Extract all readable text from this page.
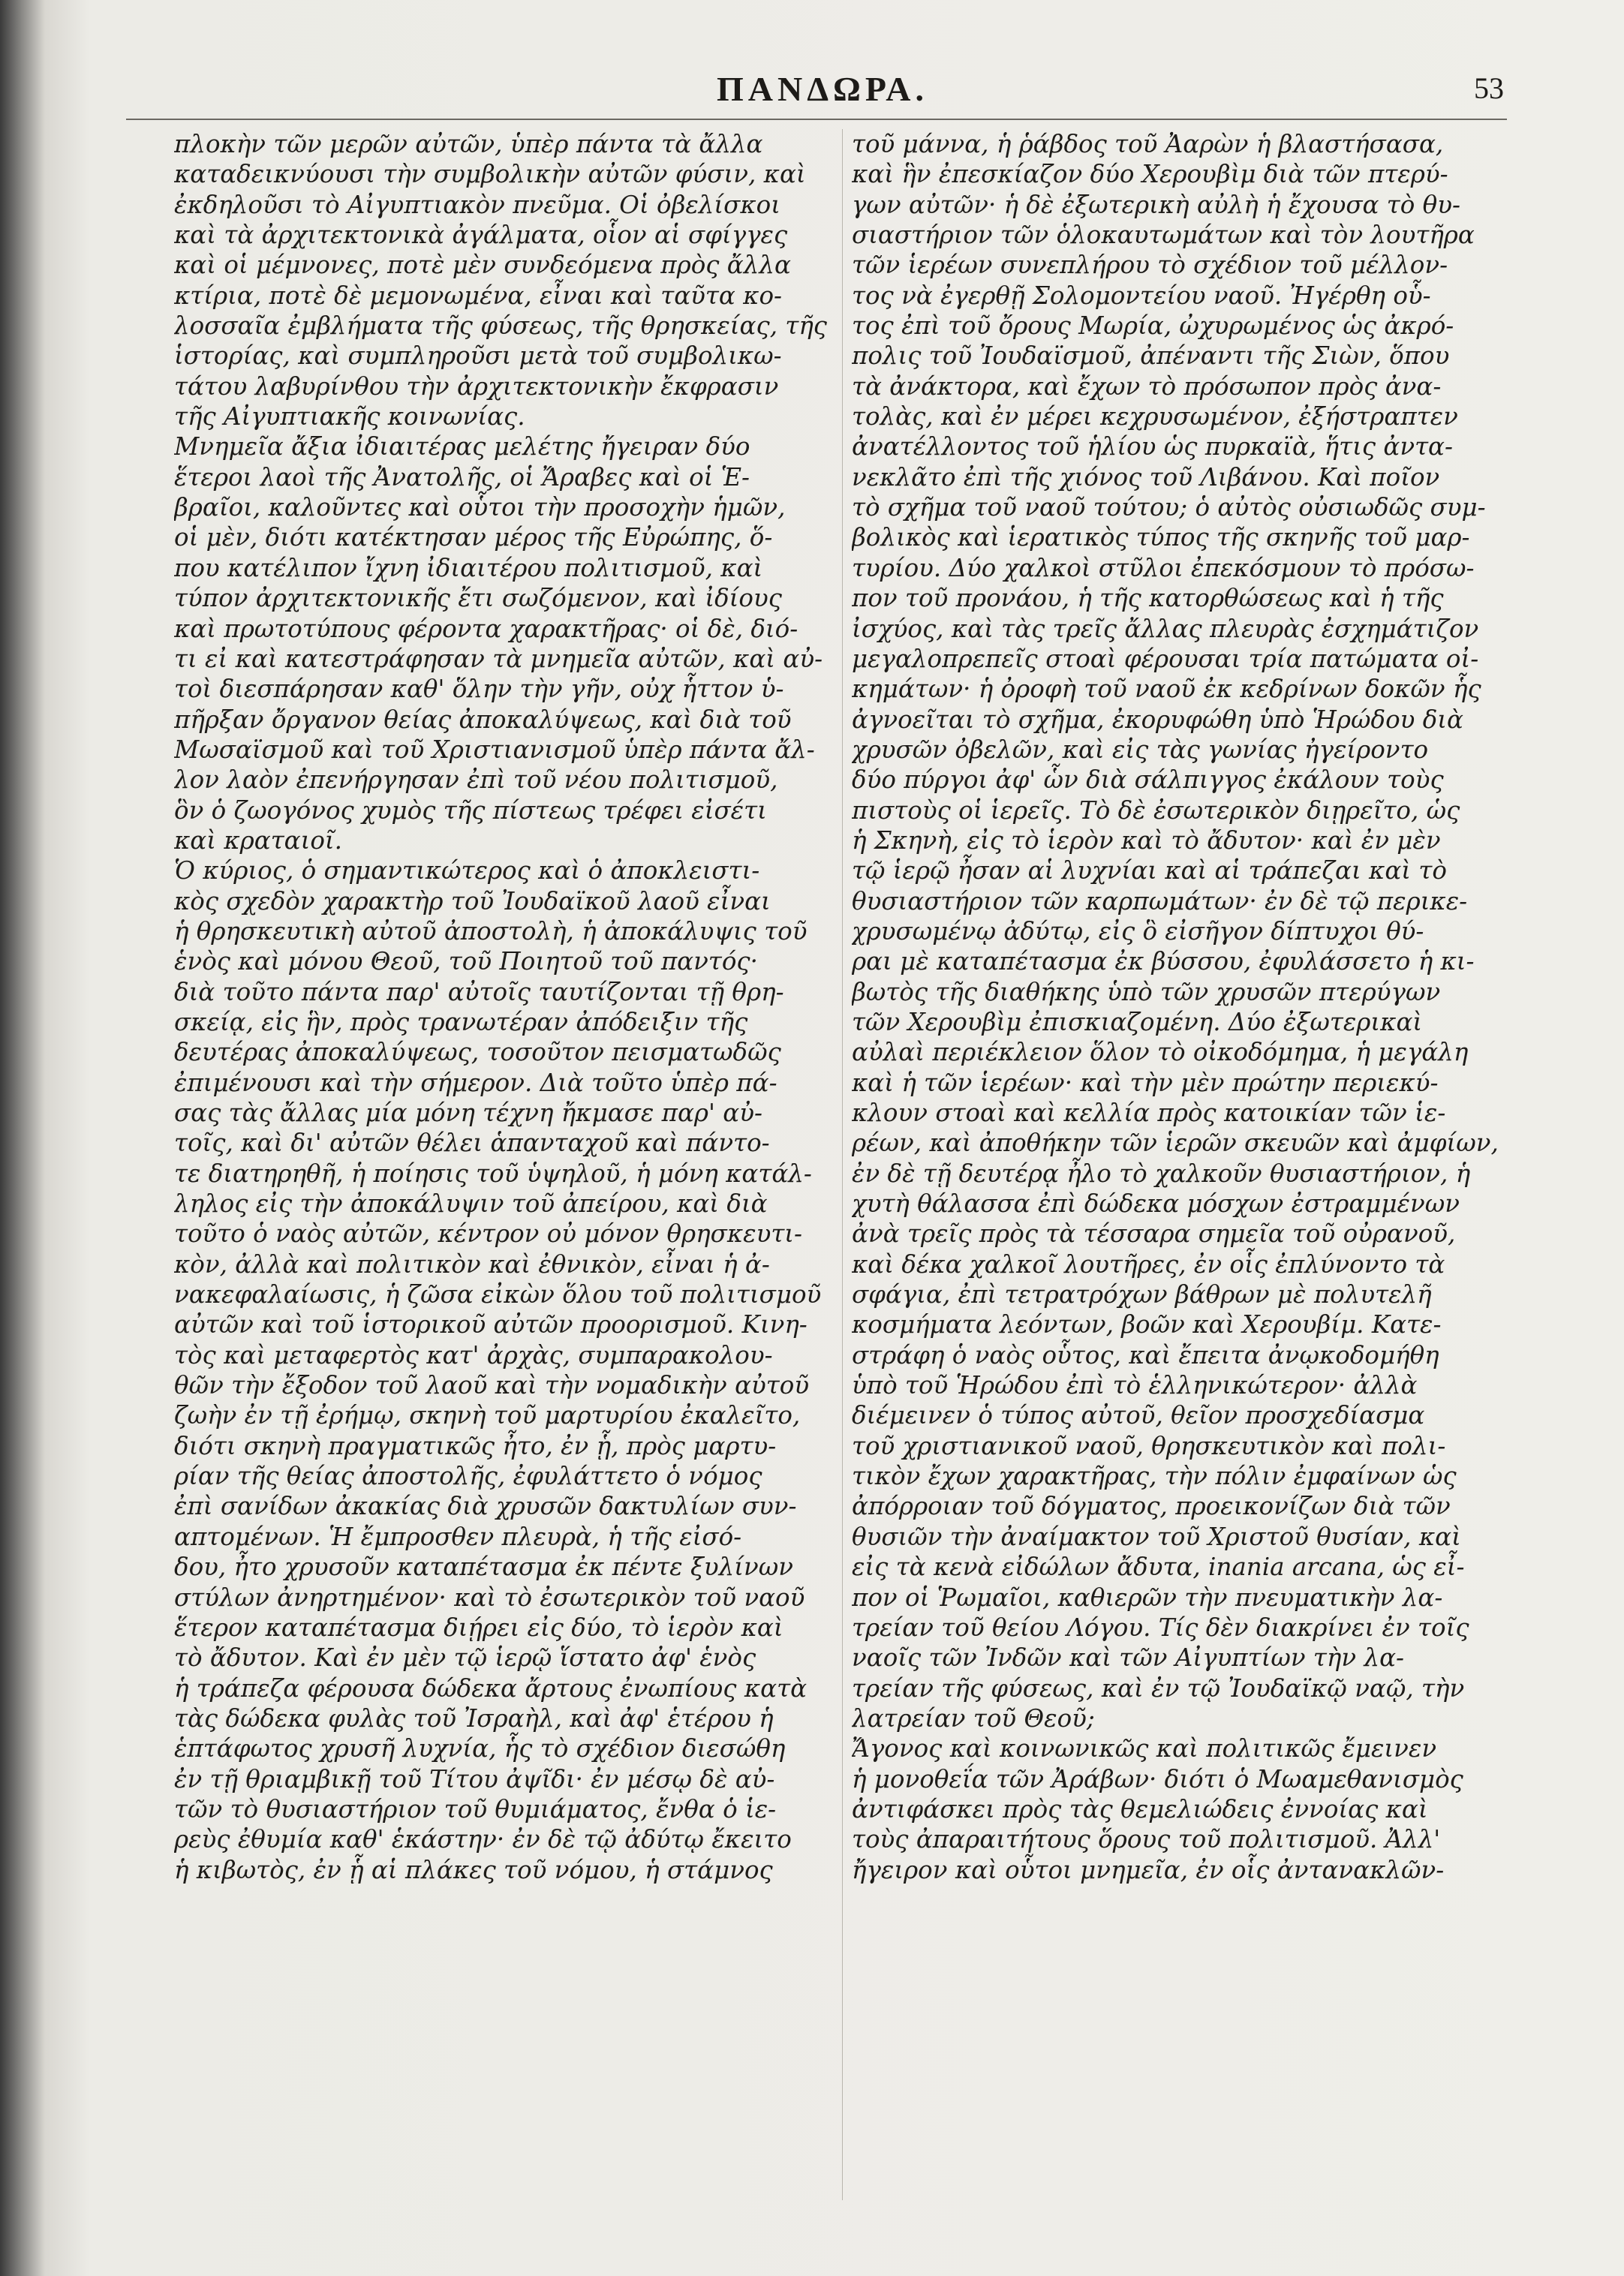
ΠΑΝΔΩΡΑ.	53
πλοκὴν τῶν μερῶν αὐτῶν, ὑπὲρ πάντα τὰ ἄλλα
καταδεικνύουσι τὴν συμβολικὴν αὐτῶν φύσιν, καὶ
ἐκδηλοῦσι τὸ Αἰγυπτιακὸν πνεῦμα. Οἱ ὀβελίσκοι
καὶ τὰ ἀρχιτεκτονικὰ ἀγάλματα, οἷον αἱ σφίγγες
καὶ οἱ μέμνονες, ποτὲ μὲν συνδεόμενα πρὸς ἄλλα
κτίρια, ποτὲ δὲ μεμονωμένα, εἶναι καὶ ταῦτα κο-
λοσσαῖα ἐμβλήματα τῆς φύσεως, τῆς θρησκείας, τῆς
ἱστορίας, καὶ συμπληροῦσι μετὰ τοῦ συμβολικω-
τάτου λαβυρίνθου τὴν ἀρχιτεκτονικὴν ἔκφρασιν
τῆς Αἰγυπτιακῆς κοινωνίας.
Μνημεῖα ἄξια ἰδιαιτέρας μελέτης ἤγειραν δύο
ἕτεροι λαοὶ τῆς Ἀνατολῆς, οἱ Ἄραβες καὶ οἱ Ἑ-
βραῖοι, καλοῦντες καὶ οὗτοι τὴν προσοχὴν ἡμῶν,
οἱ μὲν, διότι κατέκτησαν μέρος τῆς Εὐρώπης, ὅ-
που κατέλιπον ἴχνη ἰδιαιτέρου πολιτισμοῦ, καὶ
τύπον ἀρχιτεκτονικῆς ἔτι σωζόμενον, καὶ ἰδίους
καὶ πρωτοτύπους φέροντα χαρακτῆρας· οἱ δὲ, διό-
τι εἰ καὶ κατεστράφησαν τὰ μνημεῖα αὐτῶν, καὶ αὐ-
τοὶ διεσπάρησαν καθ' ὅλην τὴν γῆν, οὐχ ἧττον ὑ-
πῆρξαν ὄργανον θείας ἀποκαλύψεως, καὶ διὰ τοῦ
Μωσαϊσμοῦ καὶ τοῦ Χριστιανισμοῦ ὑπὲρ πάντα ἄλ-
λον λαὸν ἐπενήργησαν ἐπὶ τοῦ νέου πολιτισμοῦ,
ὃν ὁ ζωογόνος χυμὸς τῆς πίστεως τρέφει εἰσέτι
καὶ κραταιοῖ.
Ὁ κύριος, ὁ σημαντικώτερος καὶ ὁ ἀποκλειστι-
κὸς σχεδὸν χαρακτὴρ τοῦ Ἰουδαϊκοῦ λαοῦ εἶναι
ἡ θρησκευτικὴ αὐτοῦ ἀποστολὴ, ἡ ἀποκάλυψις τοῦ
ἑνὸς καὶ μόνου Θεοῦ, τοῦ Ποιητοῦ τοῦ παντός·
διὰ τοῦτο πάντα παρ' αὐτοῖς ταυτίζονται τῇ θρη-
σκείᾳ, εἰς ἣν, πρὸς τρανωτέραν ἀπόδειξιν τῆς
δευτέρας ἀποκαλύψεως, τοσοῦτον πεισματωδῶς
ἐπιμένουσι καὶ τὴν σήμερον. Διὰ τοῦτο ὑπὲρ πά-
σας τὰς ἄλλας μία μόνη τέχνη ἤκμασε παρ' αὐ-
τοῖς, καὶ δι' αὐτῶν θέλει ἁπανταχοῦ καὶ πάντο-
τε διατηρηθῆ, ἡ ποίησις τοῦ ὑψηλοῦ, ἡ μόνη κατάλ-
ληλος εἰς τὴν ἀποκάλυψιν τοῦ ἀπείρου, καὶ διὰ
τοῦτο ὁ ναὸς αὐτῶν, κέντρον οὐ μόνον θρησκευτι-
κὸν, ἀλλὰ καὶ πολιτικὸν καὶ ἐθνικὸν, εἶναι ἡ ἀ-
νακεφαλαίωσις, ἡ ζῶσα εἰκὼν ὅλου τοῦ πολιτισμοῦ
αὐτῶν καὶ τοῦ ἱστορικοῦ αὐτῶν προορισμοῦ. Κινη-
τὸς καὶ μεταφερτὸς κατ' ἀρχὰς, συμπαρακολου-
θῶν τὴν ἔξοδον τοῦ λαοῦ καὶ τὴν νομαδικὴν αὐτοῦ
ζωὴν ἐν τῇ ἐρήμῳ, σκηνὴ τοῦ μαρτυρίου ἐκαλεῖτο,
διότι σκηνὴ πραγματικῶς ἦτο, ἐν ᾗ, πρὸς μαρτυ-
ρίαν τῆς θείας ἀποστολῆς, ἐφυλάττετο ὁ νόμος
ἐπὶ σανίδων ἀκακίας διὰ χρυσῶν δακτυλίων συν-
απτομένων. Ἡ ἔμπροσθεν πλευρὰ, ἡ τῆς εἰσό-
δου, ἦτο χρυσοῦν καταπέτασμα ἐκ πέντε ξυλίνων
στύλων ἀνηρτημένον· καὶ τὸ ἐσωτερικὸν τοῦ ναοῦ
ἕτερον καταπέτασμα διῄρει εἰς δύο, τὸ ἱερὸν καὶ
τὸ ἄδυτον. Καὶ ἐν μὲν τῷ ἱερῷ ἵστατο ἀφ' ἑνὸς
ἡ τράπεζα φέρουσα δώδεκα ἄρτους ἐνωπίους κατὰ
τὰς δώδεκα φυλὰς τοῦ Ἰσραὴλ, καὶ ἀφ' ἑτέρου ἡ
ἑπτάφωτος χρυσῆ λυχνία, ἧς τὸ σχέδιον διεσώθη
ἐν τῇ θριαμβικῇ τοῦ Τίτου ἀψῖδι· ἐν μέσῳ δὲ αὐ-
τῶν τὸ θυσιαστήριον τοῦ θυμιάματος, ἔνθα ὁ ἱε-
ρεὺς ἐθυμία καθ' ἑκάστην· ἐν δὲ τῷ ἀδύτῳ ἔκειτο
ἡ κιβωτὸς, ἐν ᾗ αἱ πλάκες τοῦ νόμου, ἡ στάμνος
τοῦ μάννα, ἡ ῥάβδος τοῦ Ἀαρὼν ἡ βλαστήσασα,
καὶ ἣν ἐπεσκίαζον δύο Χερουβὶμ διὰ τῶν πτερύ-
γων αὐτῶν· ἡ δὲ ἐξωτερικὴ αὐλὴ ἡ ἔχουσα τὸ θυ-
σιαστήριον τῶν ὁλοκαυτωμάτων καὶ τὸν λουτῆρα
τῶν ἱερέων συνεπλήρου τὸ σχέδιον τοῦ μέλλον-
τος νὰ ἐγερθῇ Σολομοντείου ναοῦ. Ἠγέρθη οὗ-
τος ἐπὶ τοῦ ὄρους Μωρία, ὠχυρωμένος ὡς ἀκρό-
πολις τοῦ Ἰουδαϊσμοῦ, ἀπέναντι τῆς Σιὼν, ὅπου
τὰ ἀνάκτορα, καὶ ἔχων τὸ πρόσωπον πρὸς ἀνα-
τολὰς, καὶ ἐν μέρει κεχρυσωμένον, ἐξήστραπτεν
ἀνατέλλοντος τοῦ ἡλίου ὡς πυρκαϊὰ, ἥτις ἀντα-
νεκλᾶτο ἐπὶ τῆς χιόνος τοῦ Λιβάνου. Καὶ ποῖον
τὸ σχῆμα τοῦ ναοῦ τούτου; ὁ αὐτὸς οὐσιωδῶς συμ-
βολικὸς καὶ ἱερατικὸς τύπος τῆς σκηνῆς τοῦ μαρ-
τυρίου. Δύο χαλκοὶ στῦλοι ἐπεκόσμουν τὸ πρόσω-
πον τοῦ προνάου, ἡ τῆς κατορθώσεως καὶ ἡ τῆς
ἰσχύος, καὶ τὰς τρεῖς ἄλλας πλευρὰς ἐσχημάτιζον
μεγαλοπρεπεῖς στοαὶ φέρουσαι τρία πατώματα οἰ-
κημάτων· ἡ ὀροφὴ τοῦ ναοῦ ἐκ κεδρίνων δοκῶν ἧς
ἀγνοεῖται τὸ σχῆμα, ἐκορυφώθη ὑπὸ Ἡρώδου διὰ
χρυσῶν ὀβελῶν, καὶ εἰς τὰς γωνίας ἠγείροντο
δύο πύργοι ἀφ' ὧν διὰ σάλπιγγος ἐκάλουν τοὺς
πιστοὺς οἱ ἱερεῖς. Τὸ δὲ ἐσωτερικὸν διῃρεῖτο, ὡς
ἡ Σκηνὴ, εἰς τὸ ἱερὸν καὶ τὸ ἄδυτον· καὶ ἐν μὲν
τῷ ἱερῷ ἦσαν αἱ λυχνίαι καὶ αἱ τράπεζαι καὶ τὸ
θυσιαστήριον τῶν καρπωμάτων· ἐν δὲ τῷ περικε-
χρυσωμένῳ ἀδύτῳ, εἰς ὃ εἰσῆγον δίπτυχοι θύ-
ραι μὲ καταπέτασμα ἐκ βύσσου, ἐφυλάσσετο ἡ κι-
βωτὸς τῆς διαθήκης ὑπὸ τῶν χρυσῶν πτερύγων
τῶν Χερουβὶμ ἐπισκιαζομένη. Δύο ἐξωτερικαὶ
αὐλαὶ περιέκλειον ὅλον τὸ οἰκοδόμημα, ἡ μεγάλη
καὶ ἡ τῶν ἱερέων· καὶ τὴν μὲν πρώτην περιεκύ-
κλουν στοαὶ καὶ κελλία πρὸς κατοικίαν τῶν ἱε-
ρέων, καὶ ἀποθήκην τῶν ἱερῶν σκευῶν καὶ ἀμφίων,
ἐν δὲ τῇ δευτέρᾳ ἦλο τὸ χαλκοῦν θυσιαστήριον, ἡ
χυτὴ θάλασσα ἐπὶ δώδεκα μόσχων ἐστραμμένων
ἀνὰ τρεῖς πρὸς τὰ τέσσαρα σημεῖα τοῦ οὐρανοῦ,
καὶ δέκα χαλκοῖ λουτῆρες, ἐν οἷς ἐπλύνοντο τὰ
σφάγια, ἐπὶ τετρατρόχων βάθρων μὲ πολυτελῆ
κοσμήματα λεόντων, βοῶν καὶ Χερουβίμ. Κατε-
στράφη ὁ ναὸς οὗτος, καὶ ἔπειτα ἀνῳκοδομήθη
ὑπὸ τοῦ Ἡρώδου ἐπὶ τὸ ἑλληνικώτερον· ἀλλὰ
διέμεινεν ὁ τύπος αὐτοῦ, θεῖον προσχεδίασμα
τοῦ χριστιανικοῦ ναοῦ, θρησκευτικὸν καὶ πολι-
τικὸν ἔχων χαρακτῆρας, τὴν πόλιν ἐμφαίνων ὡς
ἀπόρροιαν τοῦ δόγματος, προεικονίζων διὰ τῶν
θυσιῶν τὴν ἀναίμακτον τοῦ Χριστοῦ θυσίαν, καὶ
εἰς τὰ κενὰ εἰδώλων ἄδυτα, inania arcana, ὡς εἶ-
πον οἱ Ῥωμαῖοι, καθιερῶν τὴν πνευματικὴν λα-
τρείαν τοῦ θείου Λόγου. Τίς δὲν διακρίνει ἐν τοῖς
ναοῖς τῶν Ἰνδῶν καὶ τῶν Αἰγυπτίων τὴν λα-
τρείαν τῆς φύσεως, καὶ ἐν τῷ Ἰουδαϊκῷ ναῷ, τὴν
λατρείαν τοῦ Θεοῦ;
Ἄγονος καὶ κοινωνικῶς καὶ πολιτικῶς ἔμεινεν
ἡ μονοθεΐα τῶν Ἀράβων· διότι ὁ Μωαμεθανισμὸς
ἀντιφάσκει πρὸς τὰς θεμελιώδεις ἐννοίας καὶ
τοὺς ἀπαραιτήτους ὅρους τοῦ πολιτισμοῦ. Ἀλλ'
ἤγειρον καὶ οὗτοι μνημεῖα, ἐν οἷς ἀντανακλῶν-
